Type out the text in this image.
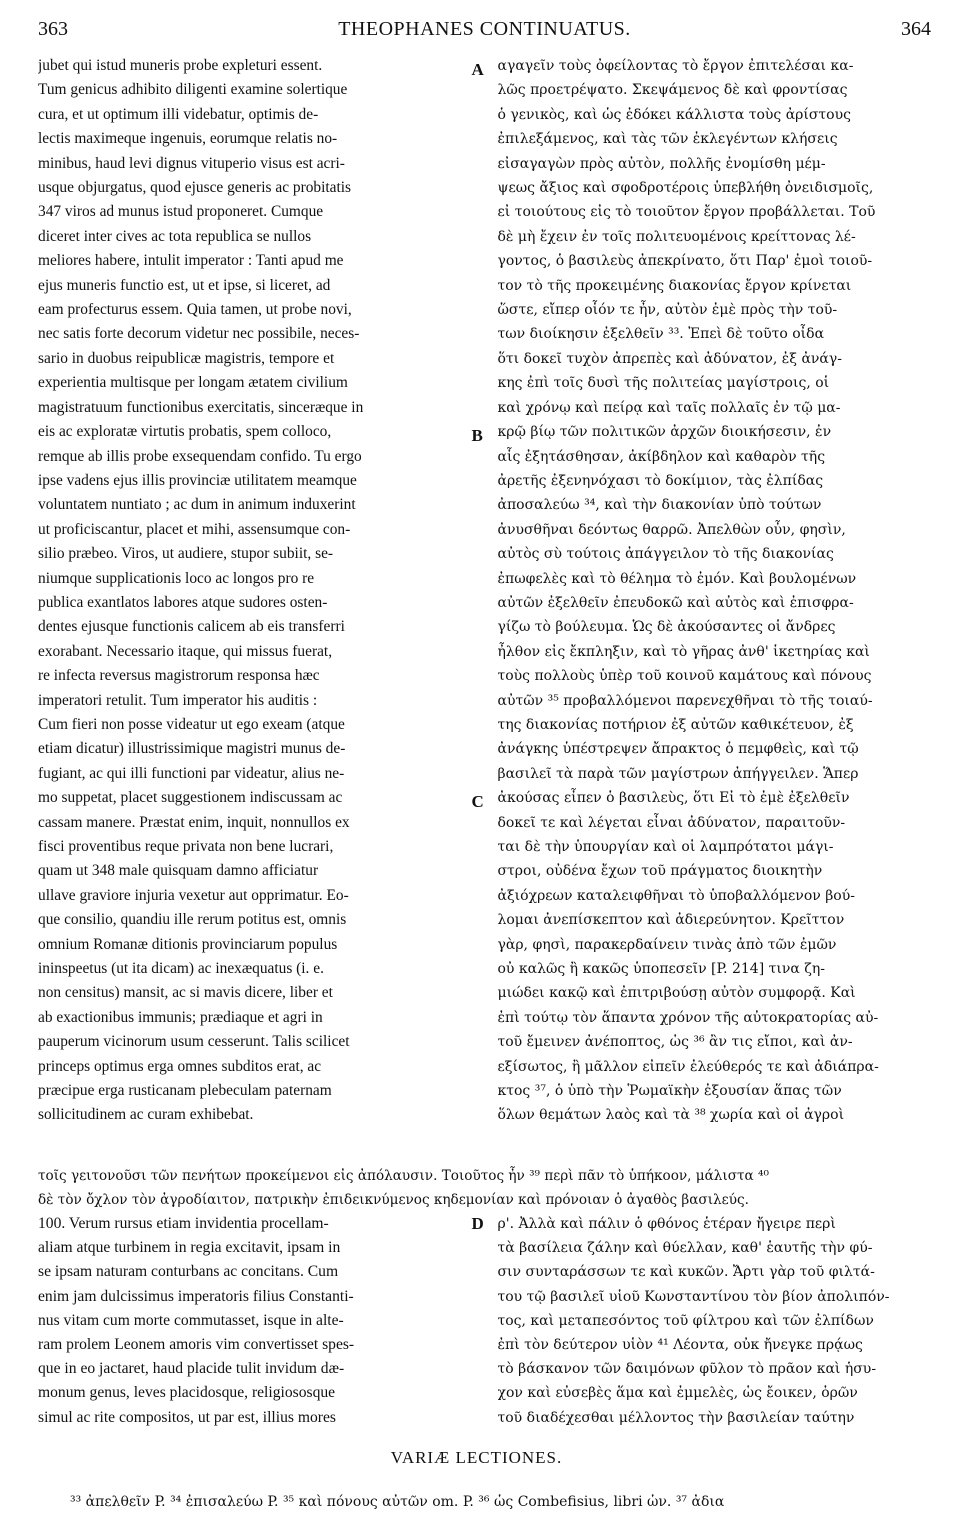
363	THEOPHANES CONTINUATUS.	364
jubet qui istud muneris probe expleturi essent.
Tum genicus adhibito diligenti examine solertique
cura, et ut optimum illi videbatur, optimis de-
lectis maximeque ingenuis, eorumque relatis no-
minibus, haud levi dignus vituperio visus est acri-
usque objurgatus, quod ejusce generis ac probitatis
347 viros ad munus istud proponeret. Cumque
diceret inter cives ac tota republica se nullos
meliores habere, intulit imperator : Tanti apud me
ejus muneris functio est, ut et ipse, si liceret, ad
eam profecturus essem. Quia tamen, ut probe novi,
nec satis forte decorum videtur nec possibile, neces-
sario in duobus reipublicæ magistris, tempore et
experientia multisque per longam ætatem civilium
magistratuum functionibus exercitatis, sinceræque in
eis ac exploratæ virtutis probatis, spem colloco,
remque ab illis probe exsequendam confido. Tu ergo
ipse vadens ejus illis provinciæ utilitatem meamque
voluntatem nuntiato ; ac dum in animum induxerint
ut proficiscantur, placet et mihi, assensumque con-
silio præbeo. Viros, ut audiere, stupor subiit, se-
niumque supplicationis loco ac longos pro re
publica exantlatos labores atque sudores osten-
dentes ejusque functionis calicem ab eis transferri
exorabant. Necessario itaque, qui missus fuerat,
re infecta reversus magistrorum responsa hæc
imperatori retulit. Tum imperator his auditis :
Cum fieri non posse videatur ut ego exeam (atque
etiam dicatur) illustrissimique magistri munus de-
fugiant, ac qui illi functioni par videatur, alius ne-
mo suppetat, placet suggestionem indiscussam ac
cassam manere. Præstat enim, inquit, nonnullos ex
fisci proventibus reque privata non bene lucrari,
quam ut 348 male quisquam damno afficiatur
ullave graviore injuria vexetur aut opprimatur. Eo-
que consilio, quandiu ille rerum potitus est, omnis
omnium Romanæ ditionis provinciarum populus
ininspeetus (ut ita dicam) ac inexæquatus (i. e.
non censitus) mansit, ac si mavis dicere, liber et
ab exactionibus immunis; prædiaque et agri in
pauperum vicinorum usum cesserunt. Talis scilicet
princeps optimus erga omnes subditos erat, ac
præcipue erga rusticanam plebeculam paternam
sollicitudinem ac curam exhibebat.
A
B
C
αγαγεῖν τοὺς ὀφείλοντας τὸ ἔργον ἐπιτελέσαι κα-
λῶς προετρέψατο. Σκεψάμενος δὲ καὶ φροντίσας
ὁ γενικὸς, καὶ ὡς ἐδόκει κάλλιστα τοὺς ἀρίστους
ἐπιλεξάμενος, καὶ τὰς τῶν ἐκλεγέντων κλήσεις
εἰσαγαγὼν πρὸς αὐτὸν, πολλῆς ἐνομίσθη μέμ-
ψεως ἄξιος καὶ σφοδροτέροις ὑπεβλήθη ὀνειδισμοῖς,
εἰ τοιούτους εἰς τὸ τοιοῦτον ἔργον προβάλλεται. Τοῦ
δὲ μὴ ἔχειν ἐν τοῖς πολιτευομένοις κρείττονας λέ-
γοντος, ὁ βασιλεὺς ἀπεκρίνατο, ὅτι Παρ' ἐμοὶ τοιοῦ-
τον τὸ τῆς προκειμένης διακονίας ἔργον κρίνεται
ὥστε, εἴπερ οἷόν τε ἦν, αὐτὸν ἐμὲ πρὸς τὴν τοῦ-
των διοίκησιν ἐξελθεῖν ³³. Ἐπεὶ δὲ τοῦτο οἶδα
ὅτι δοκεῖ τυχὸν ἀπρεπὲς καὶ ἀδύνατον, ἐξ ἀνάγ-
κης ἐπὶ τοῖς δυσὶ τῆς πολιτείας μαγίστροις, οἱ
καὶ χρόνῳ καὶ πείρᾳ καὶ ταῖς πολλαῖς ἐν τῷ μα-
κρῷ βίῳ τῶν πολιτικῶν ἀρχῶν διοικήσεσιν, ἐν
αἷς ἐξητάσθησαν, ἀκίβδηλον καὶ καθαρὸν τῆς
ἀρετῆς ἐξενηνόχασι τὸ δοκίμιον, τὰς ἐλπίδας
ἀποσαλεύω ³⁴, καὶ τὴν διακονίαν ὑπὸ τούτων
ἀνυσθῆναι δεόντως θαρρῶ. Ἀπελθὼν οὖν, φησὶν,
αὐτὸς σὺ τούτοις ἀπάγγειλον τὸ τῆς διακονίας
ἐπωφελὲς καὶ τὸ θέλημα τὸ ἐμόν. Καὶ βουλομένων
αὐτῶν ἐξελθεῖν ἐπευδοκῶ καὶ αὐτὸς καὶ ἐπισφρα-
γίζω τὸ βούλευμα. Ὡς δὲ ἀκούσαντες οἱ ἄνδρες
ἦλθον εἰς ἔκπληξιν, καὶ τὸ γῆρας ἀνθ' ἱκετηρίας καὶ
τοὺς πολλοὺς ὑπὲρ τοῦ κοινοῦ καμάτους καὶ πόνους
αὐτῶν ³⁵ προβαλλόμενοι παρενεχθῆναι τὸ τῆς τοιαύ-
της διακονίας ποτήριον ἐξ αὐτῶν καθικέτευον, ἐξ
ἀνάγκης ὑπέστρεψεν ἄπρακτος ὁ πεμφθεὶς, καὶ τῷ
βασιλεῖ τὰ παρὰ τῶν μαγίστρων ἀπήγγειλεν. Ἅπερ
ἀκούσας εἶπεν ὁ βασιλεὺς, ὅτι Εἰ τὸ ἐμὲ ἐξελθεῖν
δοκεῖ τε καὶ λέγεται εἶναι ἀδύνατον, παραιτοῦν-
ται δὲ τὴν ὑπουργίαν καὶ οἱ λαμπρότατοι μάγι-
στροι, οὐδένα ἔχων τοῦ πράγματος διοικητὴν
ἀξιόχρεων καταλειφθῆναι τὸ ὑποβαλλόμενον βού-
λομαι ἀνεπίσκεπτον καὶ ἀδιερεύνητον. Κρεῖττον
γὰρ, φησὶ, παρακερδαίνειν τινὰς ἀπὸ τῶν ἐμῶν
οὐ καλῶς ἢ κακῶς ὑποπεσεῖν [P. 214] τινα ζη-
μιώδει κακῷ καὶ ἐπιτριβούσῃ αὐτὸν συμφορᾷ. Καὶ
ἐπὶ τούτῳ τὸν ἅπαντα χρόνον τῆς αὐτοκρατορίας αὐ-
τοῦ ἔμεινεν ἀνέποπτος, ὡς ³⁶ ἂν τις εἴποι, καὶ ἀν-
εξίσωτος, ἢ μᾶλλον εἰπεῖν ἐλεύθερός τε καὶ ἀδιάπρα-
κτος ³⁷, ὁ ὑπὸ τὴν Ῥωμαϊκὴν ἐξουσίαν ἅπας τῶν
ὅλων θεμάτων λαὸς καὶ τὰ ³⁸ χωρία καὶ οἱ ἀγροὶ
τοῖς γειτονοῦσι τῶν πενήτων προκείμενοι εἰς ἀπόλαυσιν. Τοιοῦτος ἦν ³⁹ περὶ πᾶν τὸ ὑπήκοον, μάλιστα ⁴⁰
δὲ τὸν ὄχλον τὸν ἀγροδίαιτον, πατρικὴν ἐπιδεικνύμενος κηδεμονίαν καὶ πρόνοιαν ὁ ἀγαθὸς βασιλεύς.
100. Verum rursus etiam invidentia procellam-
aliam atque turbinem in regia excitavit, ipsam in
se ipsam naturam conturbans ac concitans. Cum
enim jam dulcissimus imperatoris filius Constanti-
nus vitam cum morte commutasset, isque in alte-
ram prolem Leonem amoris vim convertisset spes-
que in eo jactaret, haud placide tulit invidum dæ-
monum genus, leves placidosque, religiososque
simul ac rite compositos, ut par est, illius mores
D ρ'. Ἀλλὰ καὶ πάλιν ὁ φθόνος ἑτέραν ἤγειρε περὶ
τὰ βασίλεια ζάλην καὶ θύελλαν, καθ' ἑαυτῆς τὴν φύ-
σιν συνταράσσων τε καὶ κυκῶν. Ἄρτι γὰρ τοῦ φιλτά-
του τῷ βασιλεῖ υἱοῦ Κωνσταντίνου τὸν βίον ἀπολιπόν-
τος, καὶ μεταπεσόντος τοῦ φίλτρου καὶ τῶν ἐλπίδων
ἐπὶ τὸν δεύτερον υἱὸν ⁴¹ Λέοντα, οὐκ ἤνεγκε πρᾴως
τὸ βάσκανον τῶν δαιμόνων φῦλον τὸ πρᾶον καὶ ἡσυ-
χον καὶ εὐσεβὲς ἅμα καὶ ἐμμελὲς, ὡς ἔοικεν, ὁρῶν
τοῦ διαδέχεσθαι μέλλοντος τὴν βασιλείαν ταύτην
VARIÆ LECTIONES.
³³ ἀπελθεῖν P. ³⁴ ἐπισαλεύω P. ³⁵ καὶ πόνους αὐτῶν om. P. ³⁶ ὡς Combefisius, libri ὧν. ³⁷ ἀδια
